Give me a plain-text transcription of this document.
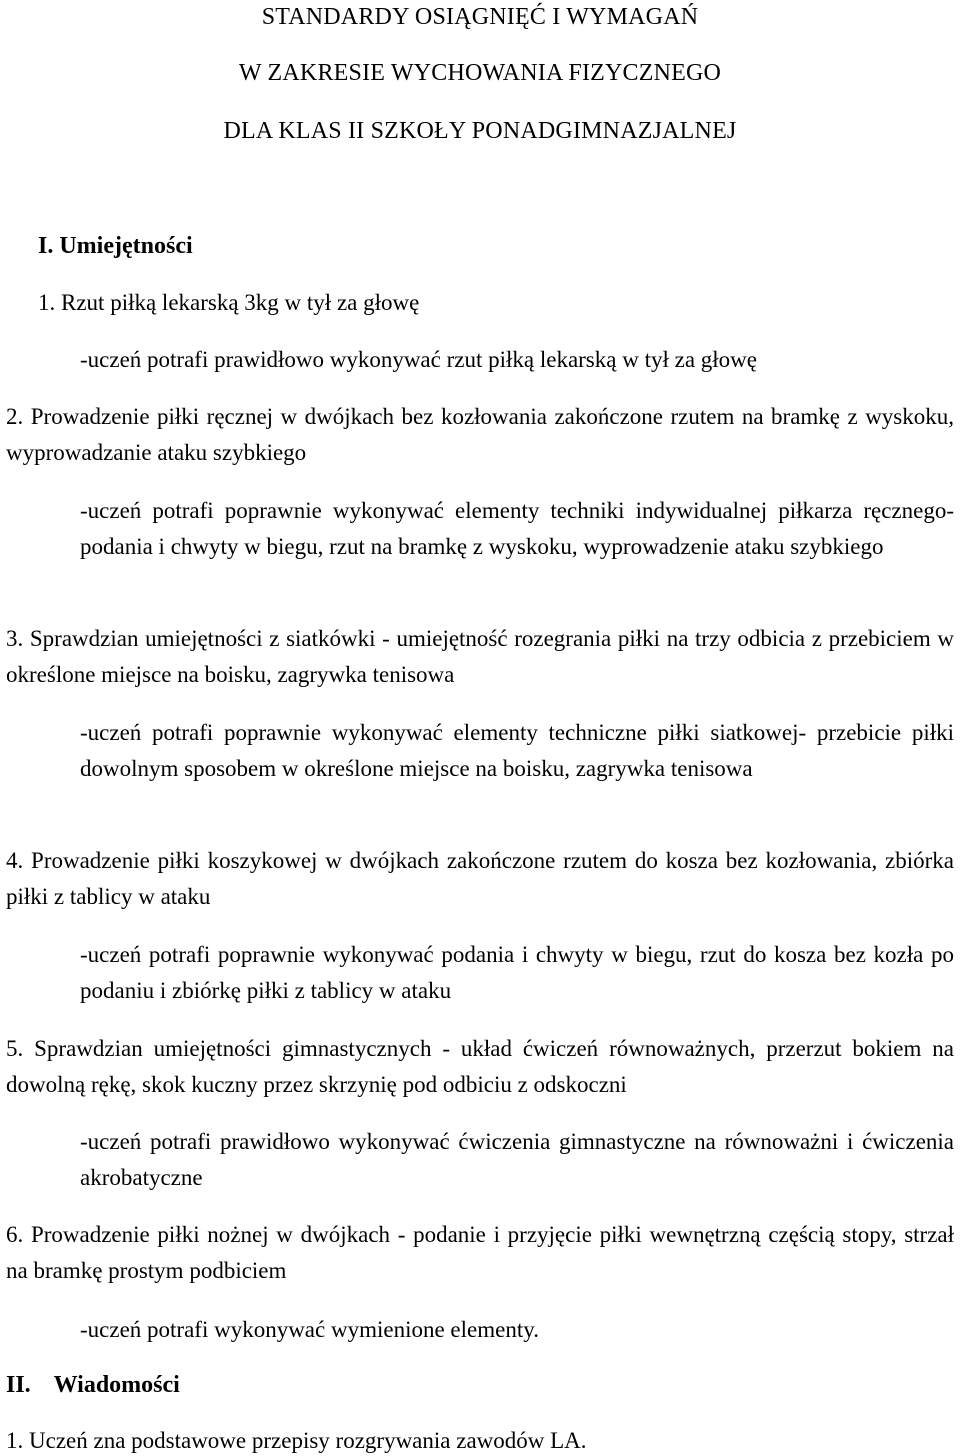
STANDARDY OSIĄGNIĘĆ I WYMAGAŃ
W ZAKRESIE WYCHOWANIA FIZYCZNEGO
DLA KLAS II SZKOŁY PONADGIMNAZJALNEJ
I. Umiejętności
1. Rzut piłką lekarską 3kg w tył za głowę
-uczeń potrafi prawidłowo wykonywać rzut piłką lekarską w tył za głowę
2. Prowadzenie piłki ręcznej w dwójkach bez kozłowania zakończone rzutem na bramkę z wyskoku, wyprowadzanie ataku szybkiego
-uczeń potrafi poprawnie wykonywać elementy techniki indywidualnej piłkarza ręcznego- podania i chwyty w biegu, rzut na bramkę z wyskoku, wyprowadzenie ataku szybkiego
3. Sprawdzian umiejętności z siatkówki - umiejętność rozegrania piłki na trzy odbicia z przebiciem w określone miejsce na boisku, zagrywka tenisowa
-uczeń potrafi poprawnie wykonywać elementy techniczne piłki siatkowej- przebicie piłki dowolnym sposobem w określone miejsce na boisku, zagrywka tenisowa
4. Prowadzenie piłki koszykowej w dwójkach zakończone rzutem do kosza bez kozłowania, zbiórka piłki z tablicy w ataku
-uczeń potrafi poprawnie wykonywać podania i chwyty w biegu, rzut do kosza bez kozła po podaniu i zbiórkę piłki z tablicy w ataku
5. Sprawdzian umiejętności gimnastycznych - układ ćwiczeń równoważnych, przerzut bokiem na dowolną rękę, skok kuczny przez skrzynię pod odbiciu z odskoczni
-uczeń potrafi prawidłowo wykonywać ćwiczenia gimnastyczne na równoważni i ćwiczenia akrobatyczne
6. Prowadzenie piłki nożnej w dwójkach - podanie i przyjęcie piłki wewnętrzną częścią stopy, strzał na bramkę prostym podbiciem
-uczeń potrafi wykonywać wymienione elementy.
II. Wiadomości
1. Uczeń zna podstawowe przepisy rozgrywania zawodów LA.
